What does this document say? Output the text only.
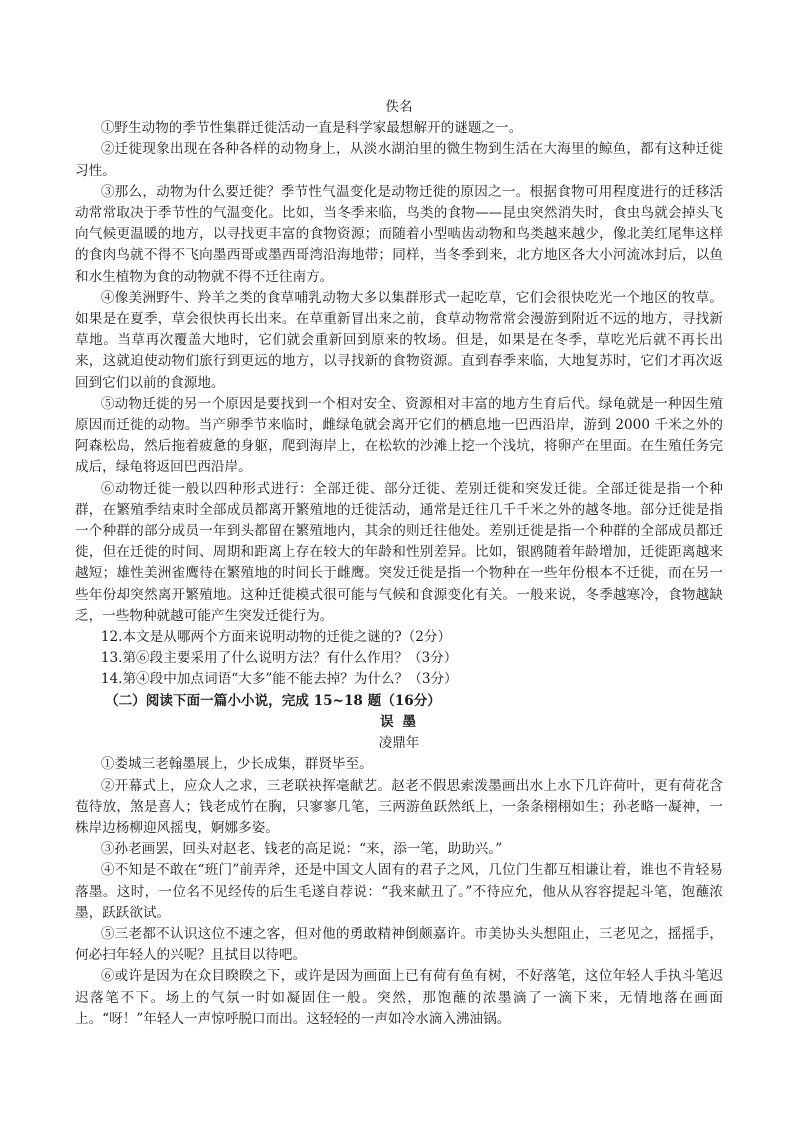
佚名

①野生动物的季节性集群迁徙活动一直是科学家最想解开的谜题之一。

②迁徙现象出现在各种各样的动物身上，从淡水湖泊里的微生物到生活在大海里的鲸鱼，都有这种迁徙习性。

③那么，动物为什么要迁徙？季节性气温变化是动物迁徙的原因之一。根据食物可用程度进行的迁移活动常常取决于季节性的气温变化。比如，当冬季来临，鸟类的食物——昆虫突然消失时，食虫鸟就会掉头飞向气候更温暖的地方，以寻找更丰富的食物资源；而随着小型啮齿动物和鸟类越来越少，像北美红尾隼这样的食肉鸟就不得不飞向墨西哥或墨西哥湾沿海地带；同样，当冬季到来，北方地区各大小河流冰封后，以鱼和水生植物为食的动物就不得不迁往南方。

④像美洲野牛、羚羊之类的食草哺乳动物大多以集群形式一起吃草，它们会很快吃光一个地区的牧草。如果是在夏季，草会很快再长出来。在草重新冒出来之前，食草动物常常会漫游到附近不远的地方，寻找新草地。当草再次覆盖大地时，它们就会重新回到原来的牧场。但是，如果是在冬季，草吃光后就不再长出来，这就迫使动物们旅行到更远的地方，以寻找新的食物资源。直到春季来临，大地复苏时，它们才再次返回到它们以前的食源地。

⑤动物迁徙的另一个原因是要找到一个相对安全、资源相对丰富的地方生育后代。绿龟就是一种因生殖原因而迁徙的动物。当产卵季节来临时，雌绿龟就会离开它们的栖息地一巴西沿岸，游到 2000 千米之外的阿森松岛，然后拖着疲惫的身躯，爬到海岸上，在松软的沙滩上挖一个浅坑，将卵产在里面。在生殖任务完成后，绿龟将返回巴西沿岸。

⑥动物迁徙一般以四种形式进行：全部迁徙、部分迁徙、差别迁徙和突发迁徙。全部迁徙是指一个种群，在繁殖季结束时全部成员都离开繁殖地的迁徙活动，通常是迁往几千千米之外的越冬地。部分迁徙是指一个种群的部分成员一年到头都留在繁殖地内，其余的则迁往他处。差别迁徙是指一个种群的全部成员都迁徙，但在迁徙的时间、周期和距离上存在较大的年龄和性别差异。比如，银鸥随着年龄增加，迁徙距离越来越短；雄性美洲雀鹰待在繁殖地的时间长于雌鹰。突发迁徙是指一个物种在一些年份根本不迁徙，而在另一些年份却突然离开繁殖地。这种迁徙模式很可能与气候和食源变化有关。一般来说，冬季越寒冷，食物越缺乏，一些物种就越可能产生突发迁徙行为。

12.本文是从哪两个方面来说明动物的迁徙之谜的?（2分）

13.第⑥段主要采用了什么说明方法？有什么作用？（3分）

14.第④段中加点词语“大多”能不能去掉？为什么？（3分）

（二）阅读下面一篇小小说，完成 15~18 题（16分）

误 墨
凌鼎年

①娄城三老翰墨展上，少长成集，群贤毕至。

②开幕式上，应众人之求，三老联袂挥毫献艺。赵老不假思索泼墨画出水上水下几许荷叶，更有荷花含苞待放，煞是喜人；钱老成竹在胸，只寥寥几笔，三两游鱼跃然纸上，一条条栩栩如生；孙老略一凝神，一株岸边杨柳迎风摇曳，婀娜多姿。

③孙老画罢，回头对赵老、钱老的高足说：“来，添一笔，助助兴。”

④不知是不敢在“班门”前弄斧，还是中国文人固有的君子之风，几位门生都互相谦让着，谁也不肯轻易落墨。这时，一位名不见经传的后生毛遂自荐说：“我来献丑了。”不待应允，他从从容容提起斗笔，饱蘸浓墨，跃跃欲试。

⑤三老都不认识这位不速之客，但对他的勇敢精神倒颇嘉许。市美协头头想阻止，三老见之，摇摇手，何必扫年轻人的兴呢？且拭目以待吧。

⑥或许是因为在众目睽睽之下，或许是因为画面上已有荷有鱼有树，不好落笔，这位年轻人手执斗笔迟迟落笔不下。场上的气氛一时如凝固住一般。突然，那饱蘸的浓墨滴了一滴下来，无情地落在画面上。“呀！”年轻人一声惊呼脱口而出。这轻轻的一声如冷水滴入沸油锅。
